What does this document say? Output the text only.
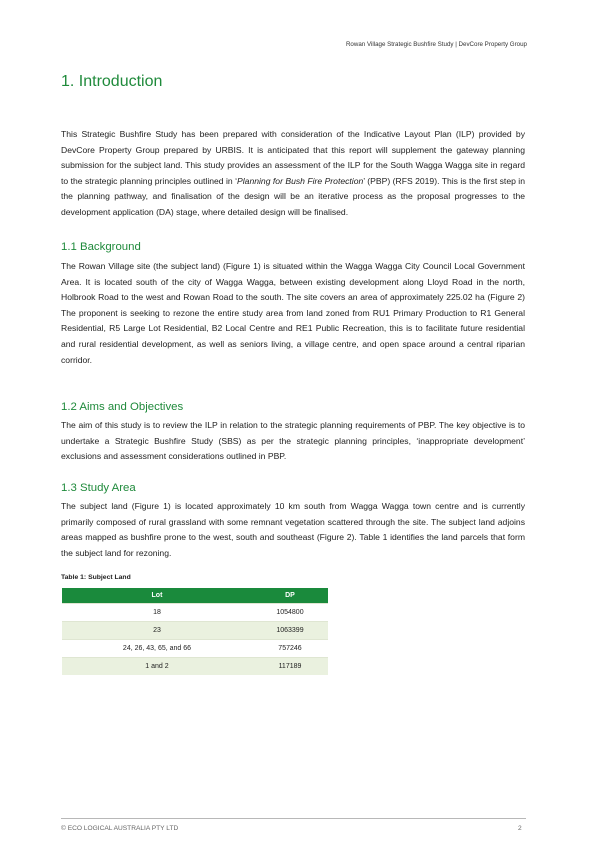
Rowan Village Strategic Bushfire Study | DevCore Property Group
1. Introduction

This Strategic Bushfire Study has been prepared with consideration of the Indicative Layout Plan (ILP) provided by DevCore Property Group prepared by URBIS. It is anticipated that this report will supplement the gateway planning submission for the subject land. This study provides an assessment of the ILP for the South Wagga Wagga site in regard to the strategic planning principles outlined in ‘Planning for Bush Fire Protection’ (PBP) (RFS 2019). This is the first step in the planning pathway, and finalisation of the design will be an iterative process as the proposal progresses to the development application (DA) stage, where detailed design will be finalised.

1.1 Background

The Rowan Village site (the subject land) (Figure 1) is situated within the Wagga Wagga City Council Local Government Area. It is located south of the city of Wagga Wagga, between existing development along Lloyd Road in the north, Holbrook Road to the west and Rowan Road to the south. The site covers an area of approximately 225.02 ha (Figure 2) The proponent is seeking to rezone the entire study area from land zoned from RU1 Primary Production to R1 General Residential, R5 Large Lot Residential, B2 Local Centre and RE1 Public Recreation, this is to facilitate future residential and rural residential development, as well as seniors living, a village centre, and open space around a central riparian corridor.

1.2 Aims and Objectives

The aim of this study is to review the ILP in relation to the strategic planning requirements of PBP. The key objective is to undertake a Strategic Bushfire Study (SBS) as per the strategic planning principles, ‘inappropriate development’ exclusions and assessment considerations outlined in PBP.

1.3 Study Area

The subject land (Figure 1) is located approximately 10 km south from Wagga Wagga town centre and is currently primarily composed of rural grassland with some remnant vegetation scattered through the site. The subject land adjoins areas mapped as bushfire prone to the west, south and southeast (Figure 2). Table 1 identifies the land parcels that form the subject land for rezoning.

Table 1: Subject Land
Lot	DP
18	1054800
23	1063399
24, 26, 43, 65, and 66	757246
1 and 2	117189
© ECO LOGICAL AUSTRALIA PTY LTD	2
